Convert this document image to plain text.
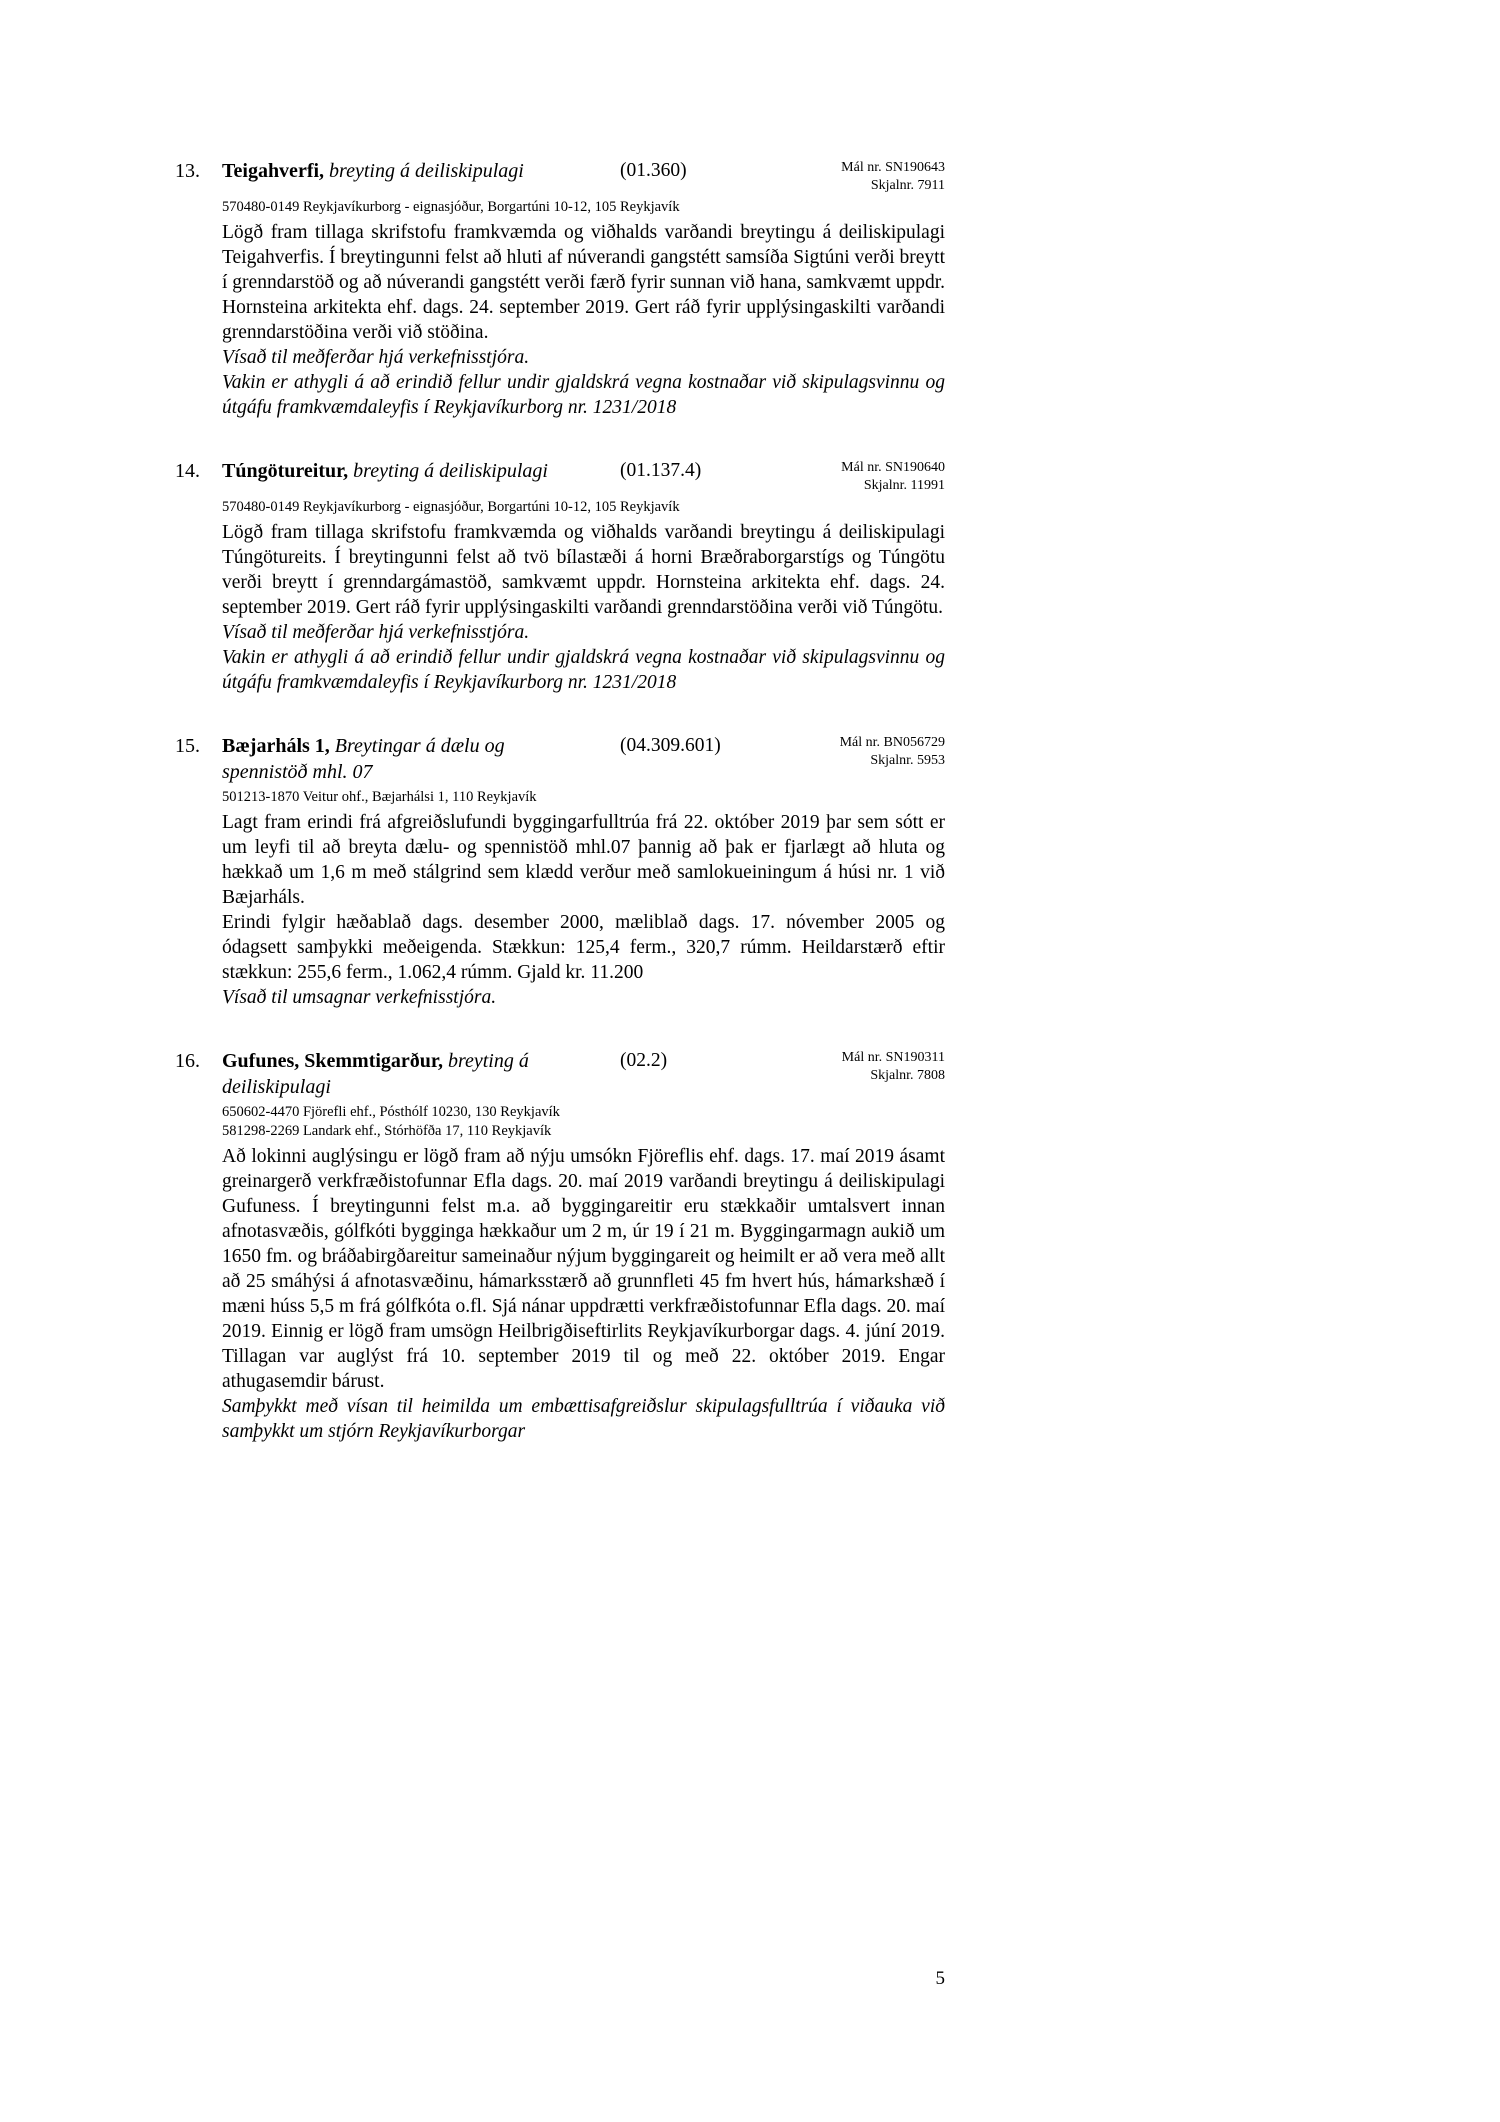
13.	Teigahverfi, breyting á deiliskipulagi	(01.360)	Mál nr. SN190643
Skjalnr. 7911
570480-0149 Reykjavíkurborg - eignasjóður, Borgartúni 10-12, 105 Reykjavík

Lögð fram tillaga skrifstofu framkvæmda og viðhalds varðandi breytingu á deiliskipulagi Teigahverfis. Í breytingunni felst að hluti af núverandi gangstétt samsíða Sigtúni verði breytt í grenndarstöð og að núverandi gangstétt verði færð fyrir sunnan við hana, samkvæmt uppdr. Hornsteina arkitekta ehf. dags. 24. september 2019. Gert ráð fyrir upplýsingaskilti varðandi grenndarstöðina verði við stöðina.

Vísað til meðferðar hjá verkefnisstjóra.

Vakin er athygli á að erindið fellur undir gjaldskrá vegna kostnaðar við skipulagsvinnu og útgáfu framkvæmdaleyfis í Reykjavíkurborg nr. 1231/2018

14.	Túngötureitur, breyting á deiliskipulagi	(01.137.4)	Mál nr. SN190640
Skjalnr. 11991
570480-0149 Reykjavíkurborg - eignasjóður, Borgartúni 10-12, 105 Reykjavík

Lögð fram tillaga skrifstofu framkvæmda og viðhalds varðandi breytingu á deiliskipulagi Túngötureits. Í breytingunni felst að tvö bílastæði á horni Bræðraborgarstígs og Túngötu verði breytt í grenndargámastöð, samkvæmt uppdr. Hornsteina arkitekta ehf. dags. 24. september 2019. Gert ráð fyrir upplýsingaskilti varðandi grenndarstöðina verði við Túngötu.

Vísað til meðferðar hjá verkefnisstjóra.

Vakin er athygli á að erindið fellur undir gjaldskrá vegna kostnaðar við skipulagsvinnu og útgáfu framkvæmdaleyfis í Reykjavíkurborg nr. 1231/2018

15.	Bæjarháls 1, Breytingar á dælu og
spennistöð mhl. 07
(04.309.601)	Mál nr. BN056729
Skjalnr. 5953
501213-1870 Veitur ohf., Bæjarhálsi 1, 110 Reykjavík

Lagt fram erindi frá afgreiðslufundi byggingarfulltrúa frá 22. október 2019 þar sem sótt er um leyfi til að breyta dælu- og spennistöð mhl.07 þannig að þak er fjarlægt að hluta og hækkað um 1,6 m með stálgrind sem klædd verður með samlokueiningum á húsi nr. 1 við Bæjarháls.

Erindi fylgir hæðablað dags. desember 2000, mæliblað dags. 17. nóvember 2005 og ódagsett samþykki meðeigenda. Stækkun: 125,4 ferm., 320,7 rúmm. Heildarstærð eftir stækkun: 255,6 ferm., 1.062,4 rúmm. Gjald kr. 11.200

Vísað til umsagnar verkefnisstjóra.

16.	Gufunes, Skemmtigarður, breyting á
deiliskipulagi
(02.2)	Mál nr. SN190311
Skjalnr. 7808
650602-4470 Fjörefli ehf., Pósthólf 10230, 130 Reykjavík
581298-2269 Landark ehf., Stórhöfða 17, 110 Reykjavík

Að lokinni auglýsingu er lögð fram að nýju umsókn Fjöreflis ehf. dags. 17. maí 2019 ásamt greinargerð verkfræðistofunnar Efla dags. 20. maí 2019 varðandi breytingu á deiliskipulagi Gufuness. Í breytingunni felst m.a. að byggingareitir eru stækkaðir umtalsvert innan afnotasvæðis, gólfkóti bygginga hækkaður um 2 m, úr 19 í 21 m. Byggingarmagn aukið um 1650 fm. og bráðabirgðareitur sameinaður nýjum byggingareit og heimilt er að vera með allt að 25 smáhýsi á afnotasvæðinu, hámarksstærð að grunnfleti 45 fm hvert hús, hámarkshæð í mæni húss 5,5 m frá gólfkóta o.fl. Sjá nánar uppdrætti verkfræðistofunnar Efla dags. 20. maí 2019. Einnig er lögð fram umsögn Heilbrigðiseftirlits Reykjavíkurborgar dags. 4. júní 2019. Tillagan var auglýst frá 10. september 2019 til og með 22. október 2019. Engar athugasemdir bárust.

Samþykkt með vísan til heimilda um embættisafgreiðslur skipulagsfulltrúa í viðauka við samþykkt um stjórn Reykjavíkurborgar

5
